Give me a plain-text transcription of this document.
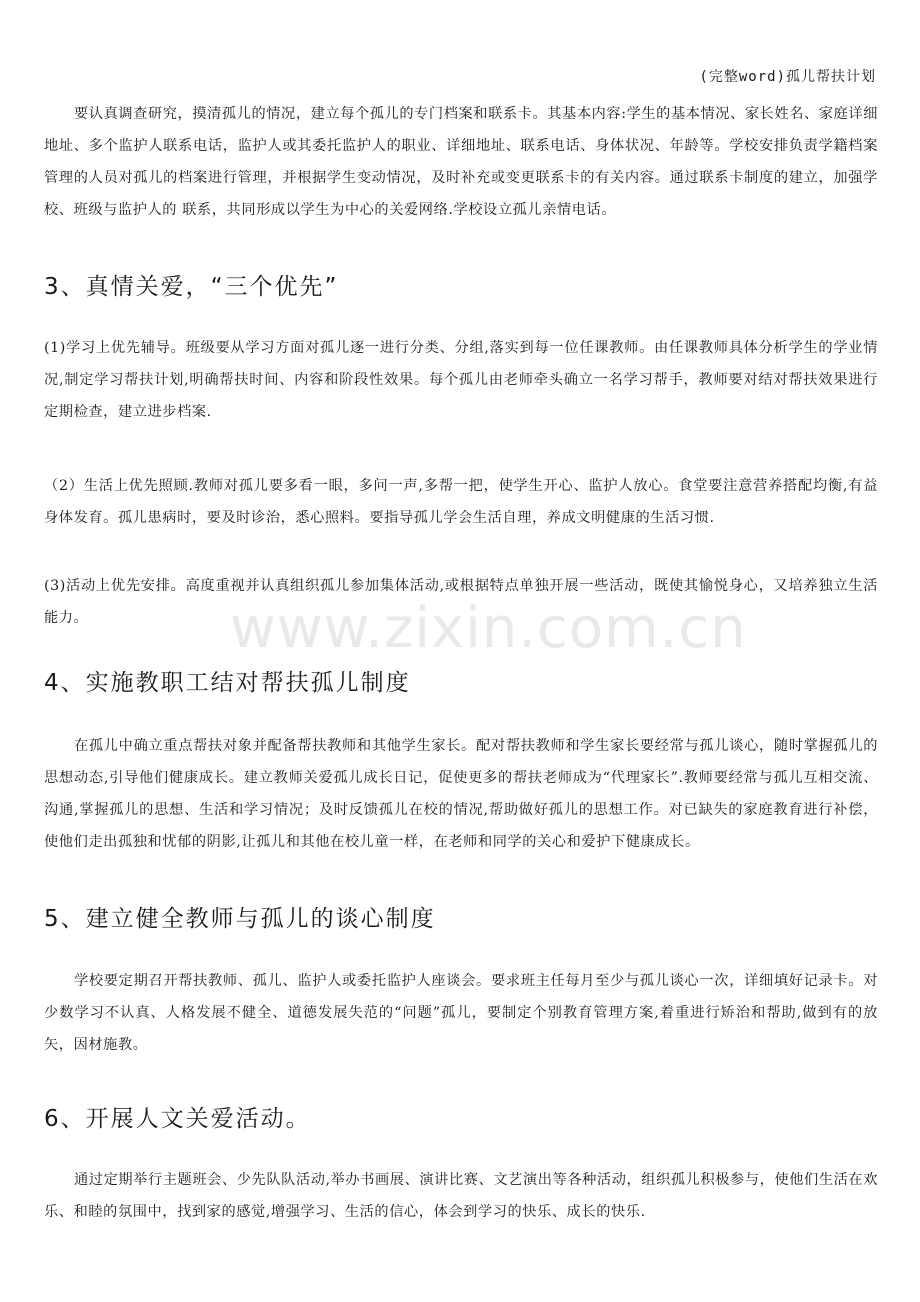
(完整word)孤儿帮扶计划

要认真调查研究，摸清孤儿的情况，建立每个孤儿的专门档案和联系卡。其基本内容:学生的基本情况、家长姓名、家庭详细地址、多个监护人联系电话，监护人或其委托监护人的职业、详细地址、联系电话、身体状况、年龄等。学校安排负责学籍档案管理的人员对孤儿的档案进行管理，并根据学生变动情况，及时补充或变更联系卡的有关内容。通过联系卡制度的建立，加强学校、班级与监护人的 联系，共同形成以学生为中心的关爱网络.学校设立孤儿亲情电话。

3、真情关爱，“三个优先”

(1)学习上优先辅导。班级要从学习方面对孤儿逐一进行分类、分组,落实到每一位任课教师。由任课教师具体分析学生的学业情况,制定学习帮扶计划,明确帮扶时间、内容和阶段性效果。每个孤儿由老师牵头确立一名学习帮手，教师要对结对帮扶效果进行定期检查，建立进步档案.

（2）生活上优先照顾.教师对孤儿要多看一眼，多问一声,多帮一把，使学生开心、监护人放心。食堂要注意营养搭配均衡,有益身体发育。孤儿患病时，要及时诊治，悉心照料。要指导孤儿学会生活自理，养成文明健康的生活习惯.

(3)活动上优先安排。高度重视并认真组织孤儿参加集体活动,或根据特点单独开展一些活动，既使其愉悦身心，又培养独立生活能力。	www.zixin.com.cn
4、实施教职工结对帮扶孤儿制度

在孤儿中确立重点帮扶对象并配备帮扶教师和其他学生家长。配对帮扶教师和学生家长要经常与孤儿谈心，随时掌握孤儿的思想动态,引导他们健康成长。建立教师关爱孤儿成长日记，促使更多的帮扶老师成为“代理家长”.教师要经常与孤儿互相交流、沟通,掌握孤儿的思想、生活和学习情况；及时反馈孤儿在校的情况,帮助做好孤儿的思想工作。对已缺失的家庭教育进行补偿，使他们走出孤独和忧郁的阴影,让孤儿和其他在校儿童一样，在老师和同学的关心和爱护下健康成长。

5、建立健全教师与孤儿的谈心制度

学校要定期召开帮扶教师、孤儿、监护人或委托监护人座谈会。要求班主任每月至少与孤儿谈心一次，详细填好记录卡。对少数学习不认真、人格发展不健全、道德发展失范的“问题”孤儿，要制定个别教育管理方案,着重进行矫治和帮助,做到有的放矢，因材施教。

6、开展人文关爱活动。

通过定期举行主题班会、少先队队活动,举办书画展、演讲比赛、文艺演出等各种活动，组织孤儿积极参与，使他们生活在欢乐、和睦的氛围中，找到家的感觉,增强学习、生活的信心，体会到学习的快乐、成长的快乐.
